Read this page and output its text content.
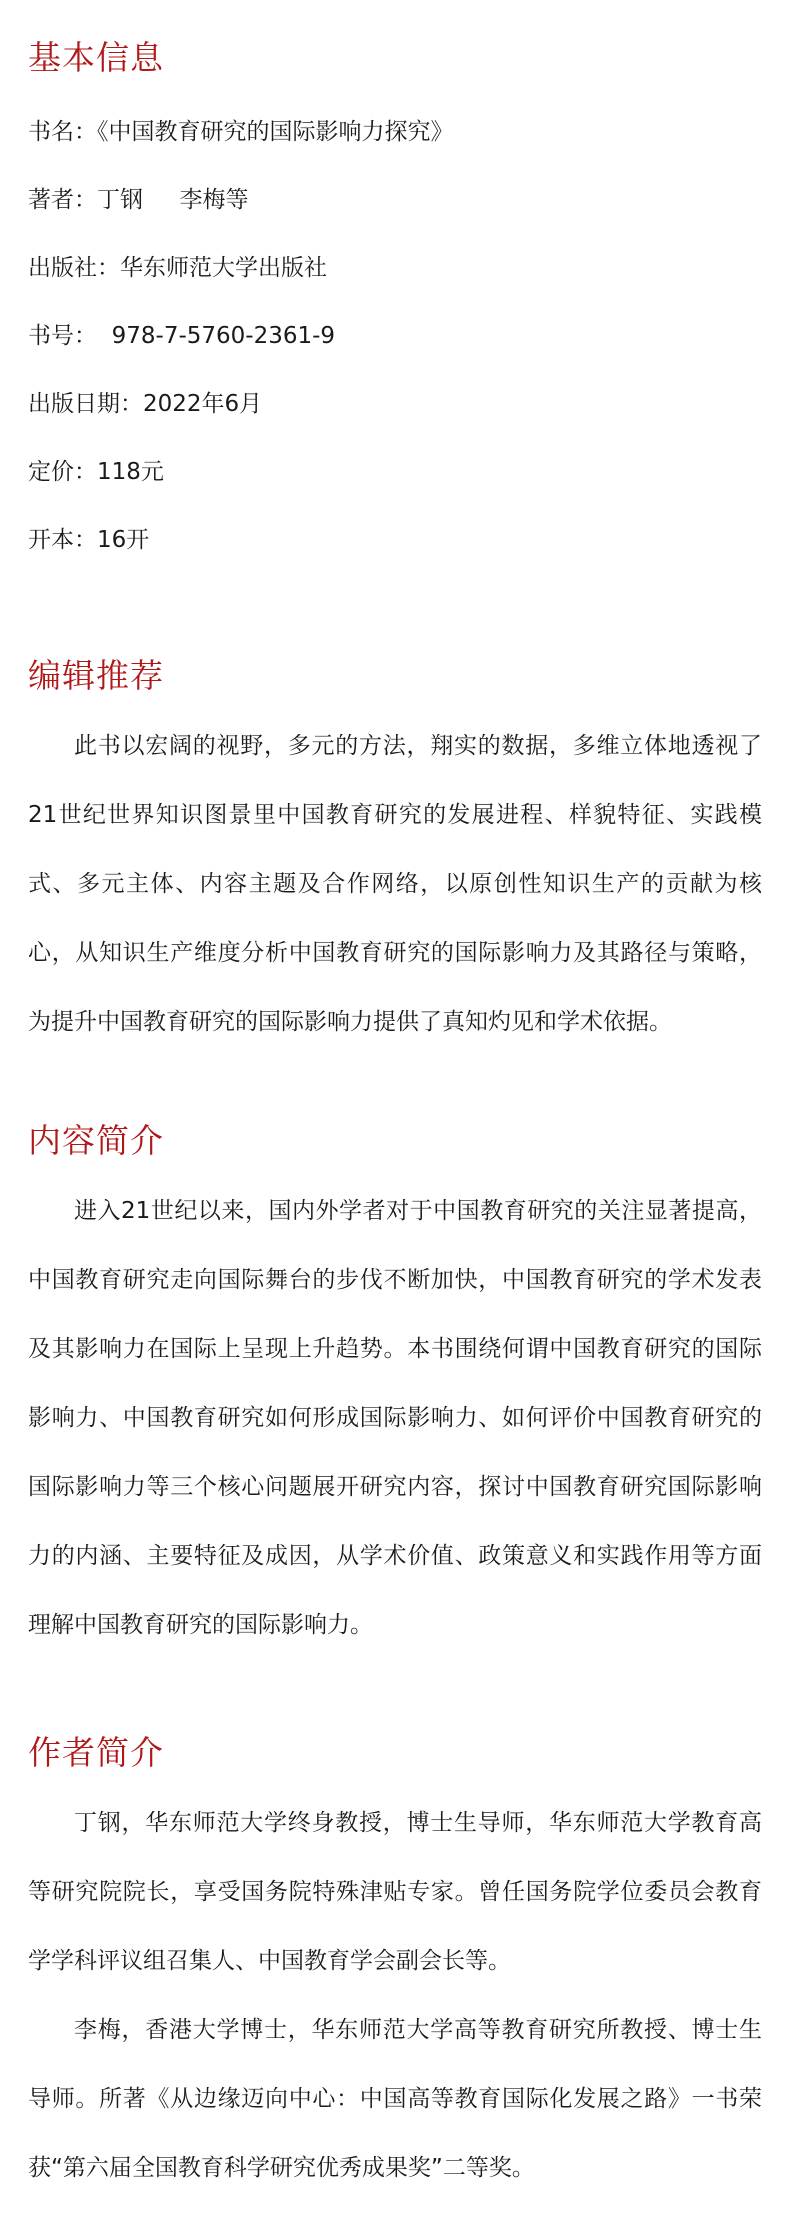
基本信息

书名：《中国教育研究的国际影响力探究》

著者：丁钢     李梅等

出版社：华东师范大学出版社

书号：  978-7-5760-2361-9

出版日期：2022年6月

定价：118元

开本：16开

编辑推荐

此书以宏阔的视野，多元的方法，翔实的数据，多维立体地透视了21世纪世界知识图景里中国教育研究的发展进程、样貌特征、实践模式、多元主体、内容主题及合作网络，以原创性知识生产的贡献为核心，从知识生产维度分析中国教育研究的国际影响力及其路径与策略，为提升中国教育研究的国际影响力提供了真知灼见和学术依据。

内容简介

进入21世纪以来，国内外学者对于中国教育研究的关注显著提高，中国教育研究走向国际舞台的步伐不断加快，中国教育研究的学术发表及其影响力在国际上呈现上升趋势。本书围绕何谓中国教育研究的国际影响力、中国教育研究如何形成国际影响力、如何评价中国教育研究的国际影响力等三个核心问题展开研究内容，探讨中国教育研究国际影响力的内涵、主要特征及成因，从学术价值、政策意义和实践作用等方面理解中国教育研究的国际影响力。

作者简介

丁钢，华东师范大学终身教授，博士生导师，华东师范大学教育高等研究院院长，享受国务院特殊津贴专家。曾任国务院学位委员会教育学学科评议组召集人、中国教育学会副会长等。

李梅，香港大学博士，华东师范大学高等教育研究所教授、博士生导师。所著《从边缘迈向中心：中国高等教育国际化发展之路》一书荣获“第六届全国教育科学研究优秀成果奖”二等奖。
